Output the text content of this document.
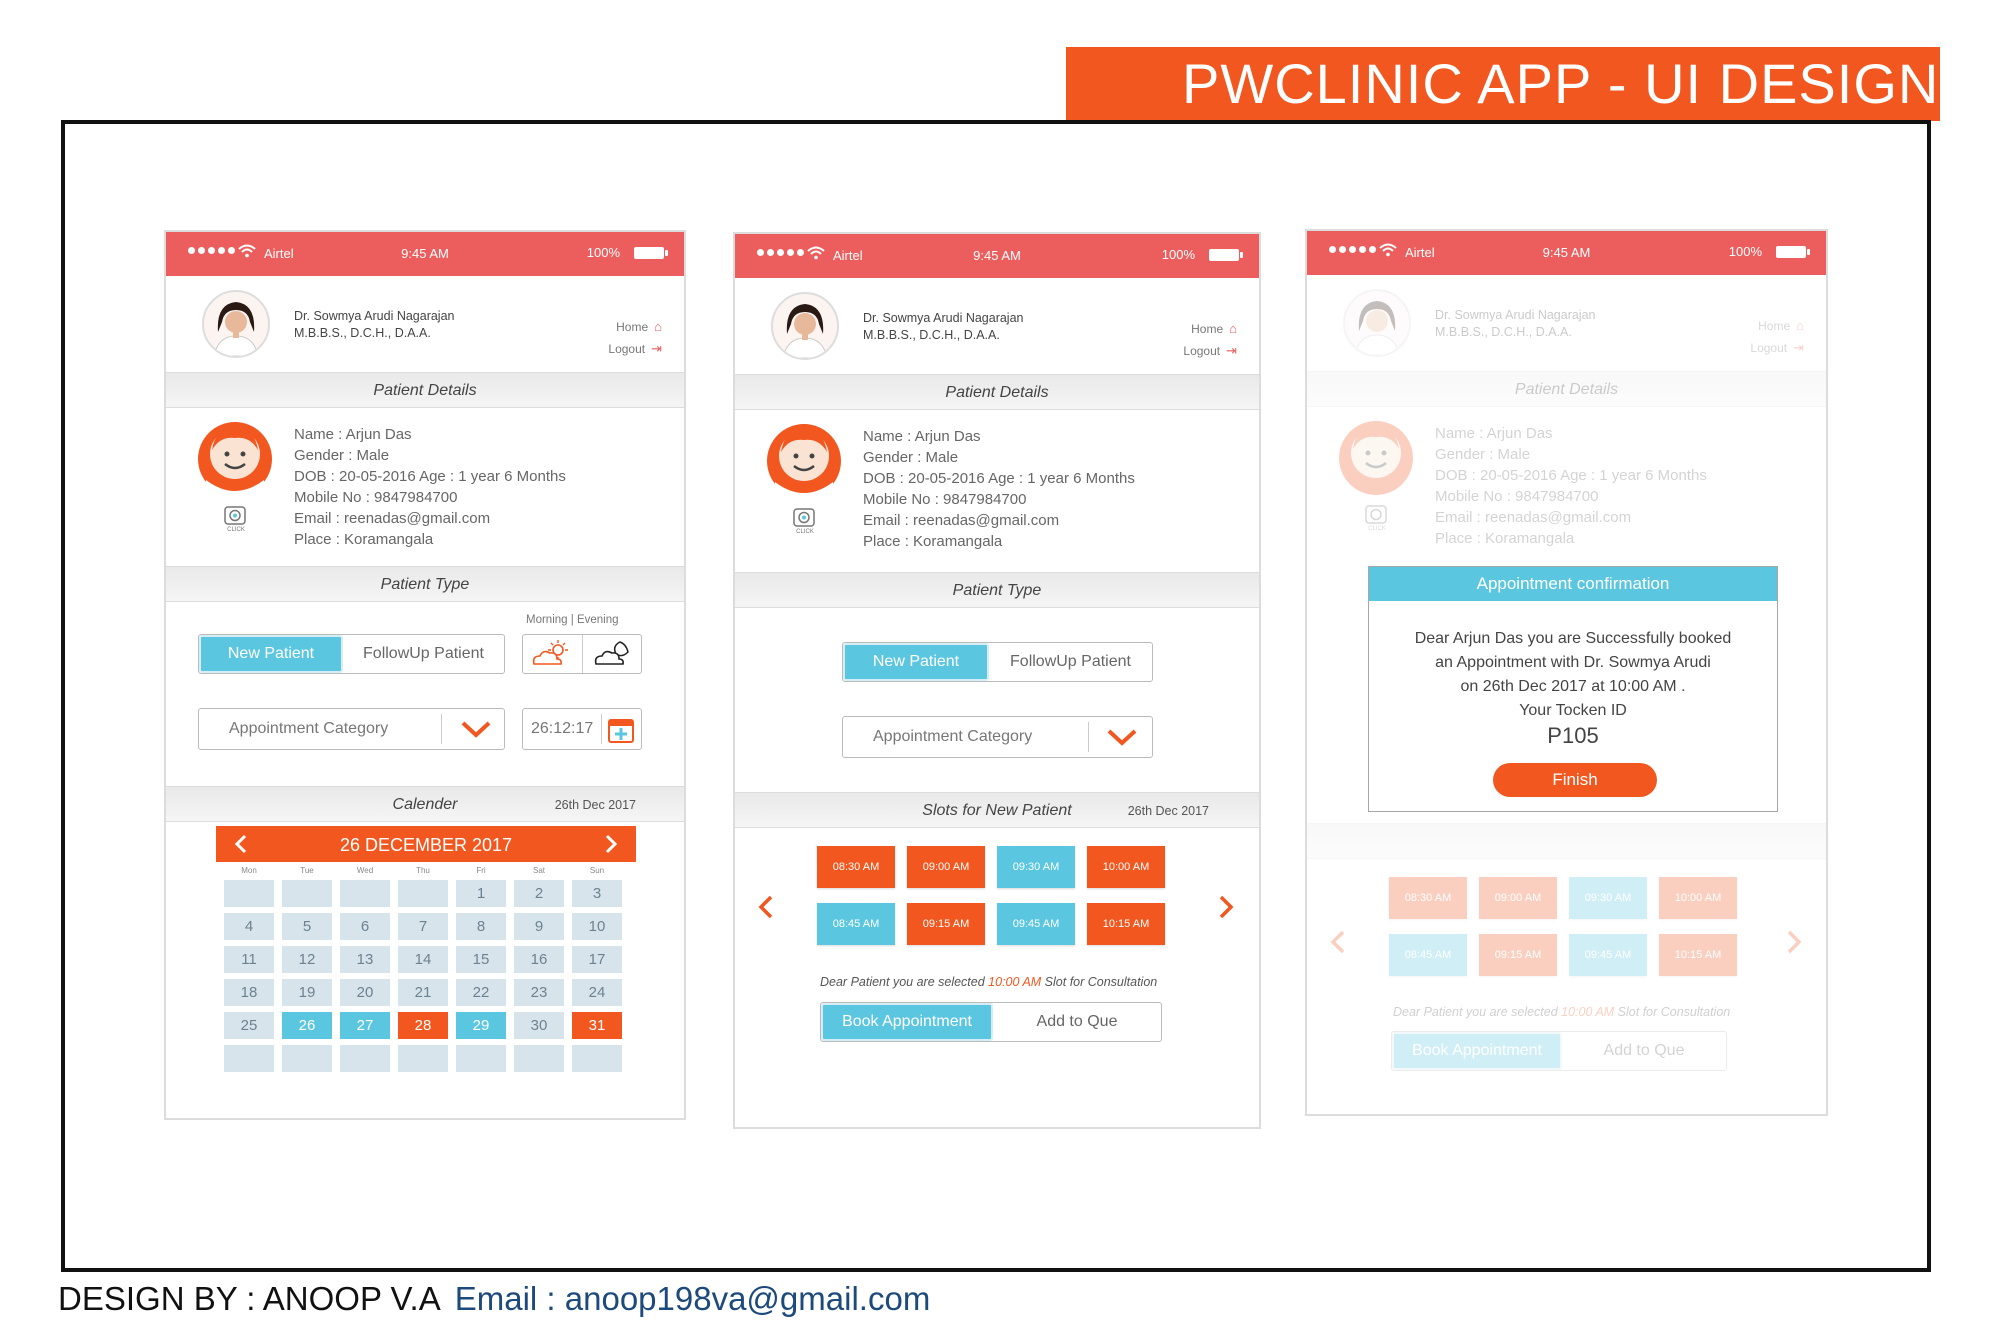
PWCLINIC APP - UI DESIGN
Airtel	9:45 AM	100%
Dr. Sowmya Arudi Nagarajan
M.B.B.S., D.C.H., D.A.A.	Home ⌂
Logout ⇥
Patient Details
CLICK
Name : Arjun Das
Gender : Male
DOB : 20-05-2016 Age : 1 year 6 Months
Mobile No : 9847984700
Email : reenadas@gmail.com
Place : Koramangala
Patient Type
Morning | Evening
New Patient	FollowUp Patient
Appointment Category	26:12:17
Calender	26th Dec 2017
26 DECEMBER 2017
Mon	Tue	Wed	Thu	Fri	Sat	Sun
1	2	3
4	5	6	7	8	9	10
11	12	13	14	15	16	17
18	19	20	21	22	23	24
25	26	27	28	29	30	31
Airtel	9:45 AM	100%
Dr. Sowmya Arudi Nagarajan
M.B.B.S., D.C.H., D.A.A.	Home ⌂
Logout ⇥
Patient Details
CLICK
Name : Arjun Das
Gender : Male
DOB : 20-05-2016 Age : 1 year 6 Months
Mobile No : 9847984700
Email : reenadas@gmail.com
Place : Koramangala
Patient Type
New Patient	FollowUp Patient
Appointment Category
Slots for New Patient	26th Dec 2017
08:30 AM	09:00 AM	09:30 AM	10:00 AM
08:45 AM	09:15 AM	09:45 AM	10:15 AM
Dear Patient you are selected 10:00 AM Slot for Consultation
Book Appointment	Add to Que
Airtel	9:45 AM	100%
Dr. Sowmya Arudi Nagarajan
M.B.B.S., D.C.H., D.A.A.	Home ⌂
Logout ⇥
Patient Details
CLICK
Name : Arjun Das
Gender : Male
DOB : 20-05-2016 Age : 1 year 6 Months
Mobile No : 9847984700
Email : reenadas@gmail.com
Place : Koramangala
08:30 AM	09:00 AM	09:30 AM	10:00 AM
08:45 AM	09:15 AM	09:45 AM	10:15 AM
Dear Patient you are selected 10:00 AM Slot for Consultation
Book Appointment	Add to Que
Appointment confirmation
Dear Arjun Das you are Successfully booked
an Appointment with Dr. Sowmya Arudi
on 26th Dec 2017 at 10:00 AM .
Your Tocken ID
P105
Finish
DESIGN BY : ANOOP V.A Email : anoop198va@gmail.com
